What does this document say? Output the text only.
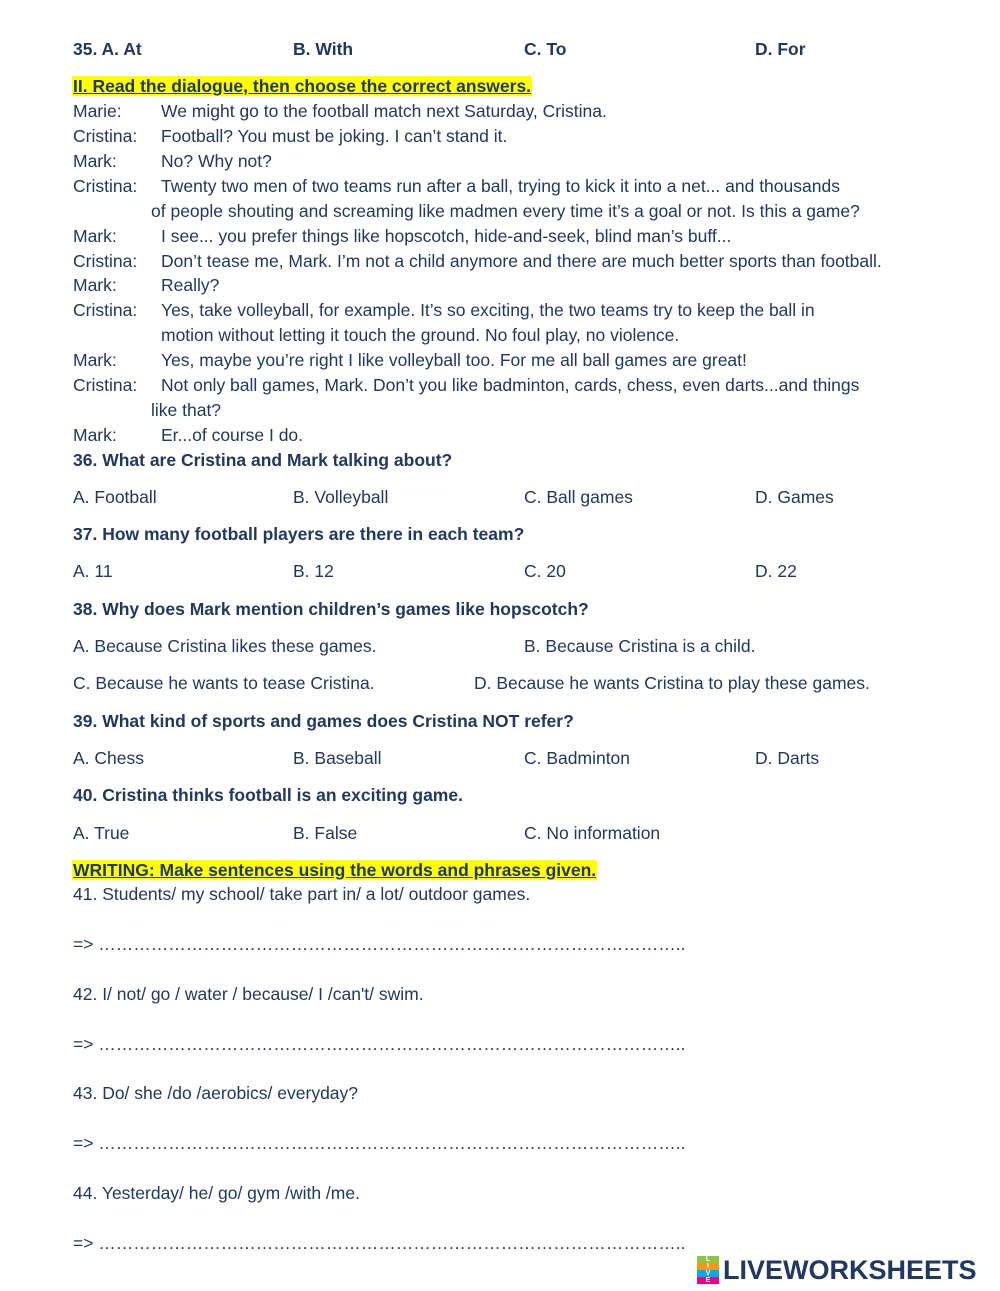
35. A. At	B. With	C. To	D. For
II. Read the dialogue, then choose the correct answers.
Marie: We might go to the football match next Saturday, Cristina.
Cristina: Football? You must be joking. I can’t stand it.
Mark:	No? Why not?
Cristina: Twenty two men of two teams run after a ball, trying to kick it into a net... and thousands
of people shouting and screaming like madmen every time it’s a goal or not. Is this a game?
Mark:	I see... you prefer things like hopscotch, hide-and-seek, blind man’s buff...
Cristina: Don’t tease me, Mark. I’m not a child anymore and there are much better sports than football.
Mark:	Really?
Cristina: Yes, take volleyball, for example. It’s so exciting, the two teams try to keep the ball in
motion without letting it touch the ground. No foul play, no violence.
Mark:	Yes, maybe you’re right I like volleyball too. For me all ball games are great!
Cristina: Not only ball games, Mark. Don’t you like badminton, cards, chess, even darts...and things
like that?
Mark:	Er...of course I do.
36. What are Cristina and Mark talking about?
A. Football	B. Volleyball	C. Ball games	D. Games
37. How many football players are there in each team?
A. 11	B. 12	C. 20	D. 22
38. Why does Mark mention children’s games like hopscotch?
A. Because Cristina likes these games.	B. Because Cristina is a child.
C. Because he wants to tease Cristina.	D. Because he wants Cristina to play these games.
39. What kind of sports and games does Cristina NOT refer?
A. Chess	B. Baseball	C. Badminton	D. Darts
40. Cristina thinks football is an exciting game.
A. True	B. False	C. No information
WRITING: Make sentences using the words and phrases given.
41. Students/ my school/ take part in/ a lot/ outdoor games.
=> ………………………………………………………………………………………..
42. I/ not/ go / water / because/ I /can't/ swim.
=> ………………………………………………………………………………………..
43. Do/ she /do /aerobics/ everyday?
=> ………………………………………………………………………………………..
44. Yesterday/ he/ go/ gym /with /me.
=> ………………………………………………………………………………………..
L
I
V
E LIVEWORKSHEETS
